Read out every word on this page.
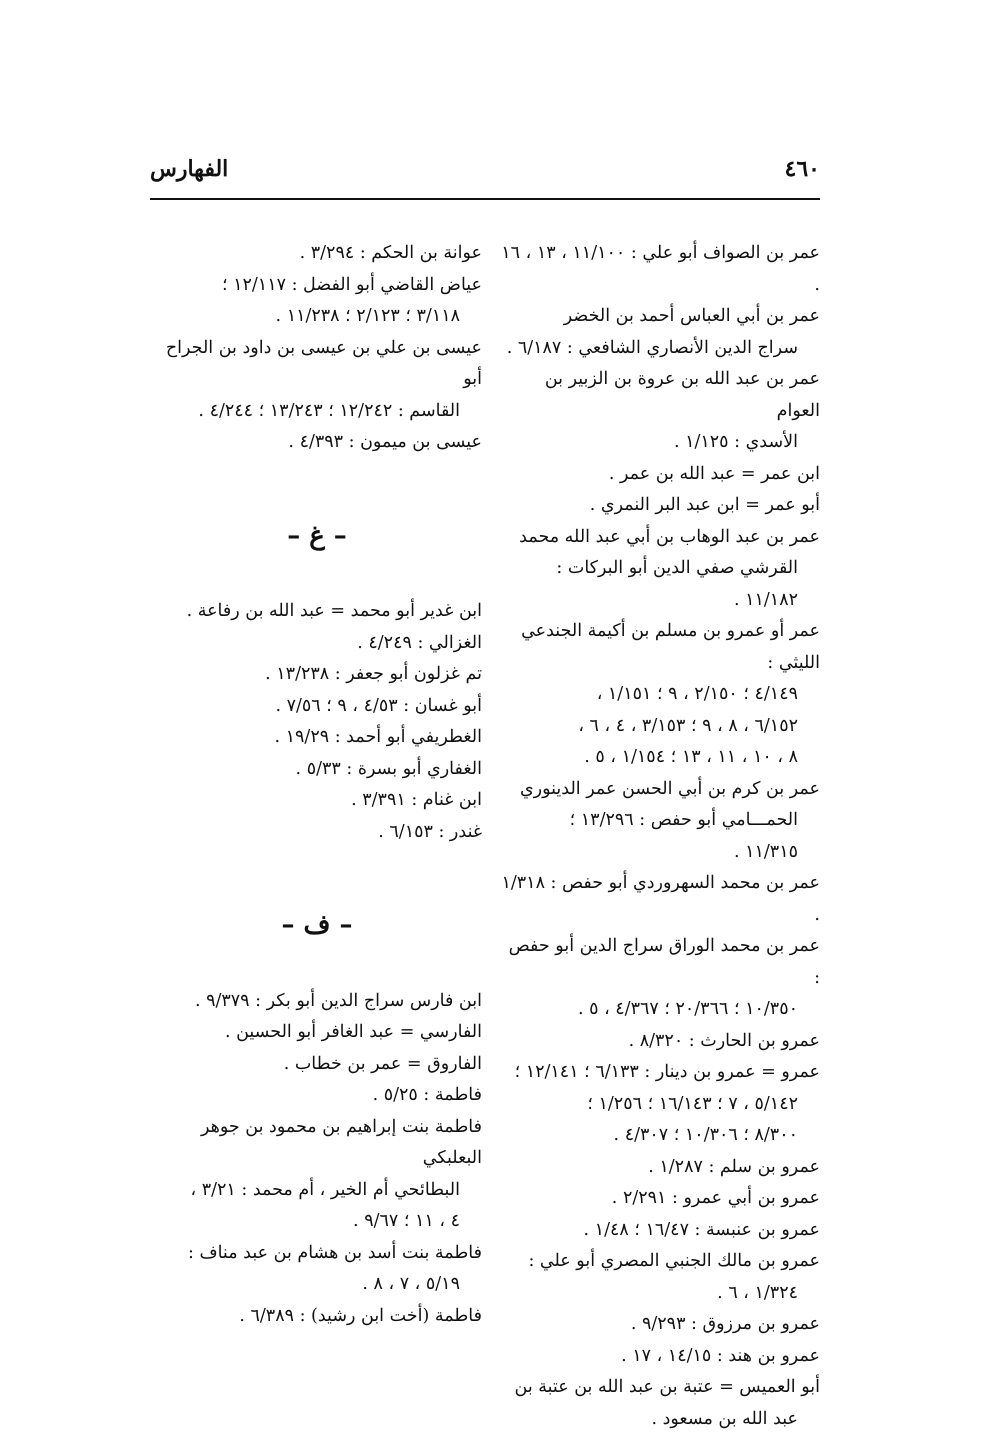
٤٦٠
الفهارس
عمر بن الصواف أبو علي : ١١/١٠٠ ، ١٣ ، ١٦ .
عمر بن أبي العباس أحمد بن الخضر
سراج الدين الأنصاري الشافعي : ٦/١٨٧ .
عمر بن عبد الله بن عروة بن الزبير بن العوام
الأسدي : ١/١٢٥ .
ابن عمر = عبد الله بن عمر .
أبو عمر = ابن عبد البر النمري .
عمر بن عبد الوهاب بن أبي عبد الله محمد
القرشي صفي الدين أبو البركات : ١١/١٨٢ .
عمر أو عمرو بن مسلم بن أكيمة الجندعي الليثي :
٤/١٤٩ ؛ ٢/١٥٠ ، ٩ ؛ ١/١٥١ ،
٦/١٥٢ ، ٨ ، ٩ ؛ ٣/١٥٣ ، ٤ ، ٦ ،
٨ ، ١٠ ، ١١ ، ١٣ ؛ ١/١٥٤ ، ٥ .
عمر بن كرم بن أبي الحسن عمر الدينوري
الحمـــامي أبو حفص : ١٣/٢٩٦ ؛
١١/٣١٥ .
عمر بن محمد السهروردي أبو حفص : ١/٣١٨ .
عمر بن محمد الوراق سراج الدين أبو حفص :
١٠/٣٥٠ ؛ ٢٠/٣٦٦ ؛ ٤/٣٦٧ ، ٥ .
عمرو بن الحارث : ٨/٣٢٠ .
عمرو = عمرو بن دينار : ٦/١٣٣ ؛ ١٢/١٤١ ؛
٥/١٤٢ ، ٧ ؛ ١٦/١٤٣ ؛ ١/٢٥٦ ؛
٨/٣٠٠ ؛ ١٠/٣٠٦ ؛ ٤/٣٠٧ .
عمرو بن سلم : ١/٢٨٧ .
عمرو بن أبي عمرو : ٢/٢٩١ .
عمرو بن عنبسة : ١٦/٤٧ ؛ ١/٤٨ .
عمرو بن مالك الجنبي المصري أبو علي :
١/٣٢٤ ، ٦ .
عمرو بن مرزوق : ٩/٢٩٣ .
عمرو بن هند : ١٤/١٥ ، ١٧ .
أبو العميس = عتبة بن عبد الله بن عتبة بن
عبد الله بن مسعود .
عوانة بن الحكم : ٣/٢٩٤ .
عياض القاضي أبو الفضل : ١٢/١١٧ ؛
٣/١١٨ ؛ ٢/١٢٣ ؛ ١١/٢٣٨ .
عيسى بن علي بن عيسى بن داود بن الجراح أبو
القاسم : ١٢/٢٤٢ ؛ ١٣/٢٤٣ ؛ ٤/٢٤٤ .
عيسى بن ميمون : ٤/٣٩٣ .
– غ –
ابن غدير أبو محمد = عبد الله بن رفاعة .
الغزالي : ٤/٢٤٩ .
تم غزلون أبو جعفر : ١٣/٢٣٨ .
أبو غسان : ٤/٥٣ ، ٩ ؛ ٧/٥٦ .
الغطريفي أبو أحمد : ١٩/٢٩ .
الغفاري أبو بسرة : ٥/٣٣ .
ابن غنام : ٣/٣٩١ .
غندر : ٦/١٥٣ .
– ف –
ابن فارس سراج الدين أبو بكر : ٩/٣٧٩ .
الفارسي = عبد الغافر أبو الحسين .
الفاروق = عمر بن خطاب .
فاطمة : ٥/٢٥ .
فاطمة بنت إبراهيم بن محمود بن جوهر البعلبكي
البطائحي أم الخير ، أم محمد : ٣/٢١ ،
٤ ، ١١ ؛ ٩/٦٧ .
فاطمة بنت أسد بن هشام بن عبد مناف :
٥/١٩ ، ٧ ، ٨ .
فاطمة (أخت ابن رشيد) : ٦/٣٨٩ .
